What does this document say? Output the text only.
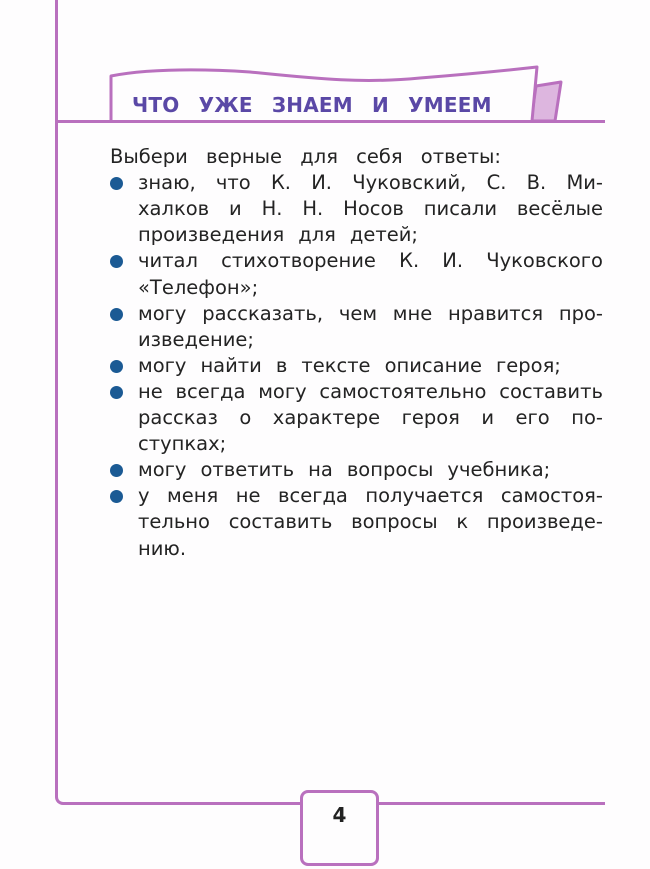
ЧТО УЖЕ ЗНАЕМ И УМЕЕМ
Выбери верные для себя ответы:
знаю, что К. И. Чуковский, С. В. Ми-
халков и Н. Н. Носов писали весёлые
произведения для детей;
читал стихотворение К. И. Чуковского
«Телефон»;
могу рассказать, чем мне нравится про-
изведение;
могу найти в тексте описание героя;
не всегда могу самостоятельно составить
рассказ о характере героя и его по-
ступках;
могу ответить на вопросы учебника;
у меня не всегда получается самостоя-
тельно составить вопросы к произведе-
нию.
4
